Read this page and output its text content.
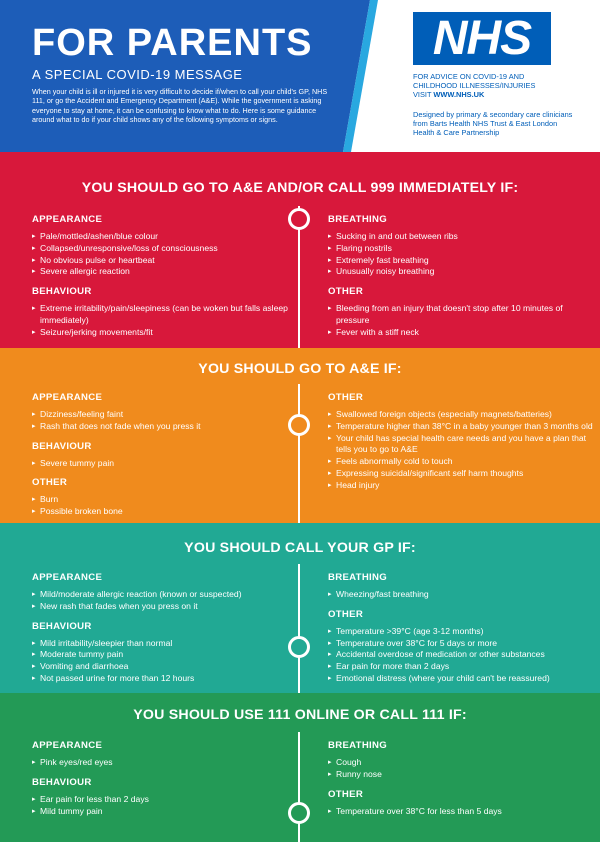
FOR PARENTS
A SPECIAL COVID-19 MESSAGE

When your child is ill or injured it is very difficult to decide if/when to call your child's GP, NHS 111, or go the Accident and Emergency Department (A&E). While the government is asking everyone to stay at home, it can be confusing to know what to do. Here is some guidance around what to do if your child shows any of the following symptoms or signs.

NHS
FOR ADVICE ON COVID-19 AND
CHILDHOOD ILLNESSES/INJURIES
VISIT WWW.NHS.UK
Designed by primary & secondary care clinicians from Barts Health NHS Trust & East London Health & Care Partnership
YOU SHOULD GO TO A&E AND/OR CALL 999 IMMEDIATELY IF:
APPEARANCE
▸ Pale/mottled/ashen/blue colour
▸ Collapsed/unresponsive/loss of consciousness
▸ No obvious pulse or heartbeat
▸ Severe allergic reaction
BEHAVIOUR
▸ Extreme irritability/pain/sleepiness (can be woken but falls asleep immediately)
▸ Seizure/jerking movements/fit
BREATHING
▸ Sucking in and out between ribs
▸ Flaring nostrils
▸ Extremely fast breathing
▸ Unusually noisy breathing
OTHER
▸ Bleeding from an injury that doesn't stop after 10 minutes of pressure
▸ Fever with a stiff neck
YOU SHOULD GO TO A&E IF:
APPEARANCE
▸ Dizziness/feeling faint
▸ Rash that does not fade when you press it
BEHAVIOUR
▸ Severe tummy pain
OTHER
▸ Burn
▸ Possible broken bone
OTHER
▸ Swallowed foreign objects (especially magnets/batteries)
▸ Temperature higher than 38°C in a baby younger than 3 months old
▸ Your child has special health care needs and you have a plan that tells you to go to A&E
▸ Feels abnormally cold to touch
▸ Expressing suicidal/significant self harm thoughts
▸ Head injury
YOU SHOULD CALL YOUR GP IF:
APPEARANCE
▸ Mild/moderate allergic reaction (known or suspected)
▸ New rash that fades when you press on it
BEHAVIOUR
▸ Mild irritability/sleepier than normal
▸ Moderate tummy pain
▸ Vomiting and diarrhoea
▸ Not passed urine for more than 12 hours
BREATHING
▸ Wheezing/fast breathing
OTHER
▸ Temperature >39°C (age 3-12 months)
▸ Temperature over 38°C for 5 days or more
▸ Accidental overdose of medication or other substances
▸ Ear pain for more than 2 days
▸ Emotional distress (where your child can't be reassured)
YOU SHOULD USE 111 ONLINE OR CALL 111 IF:
APPEARANCE
▸ Pink eyes/red eyes
BEHAVIOUR
▸ Ear pain for less than 2 days
▸ Mild tummy pain
BREATHING
▸ Cough
▸ Runny nose
OTHER
▸ Temperature over 38°C for less than 5 days
